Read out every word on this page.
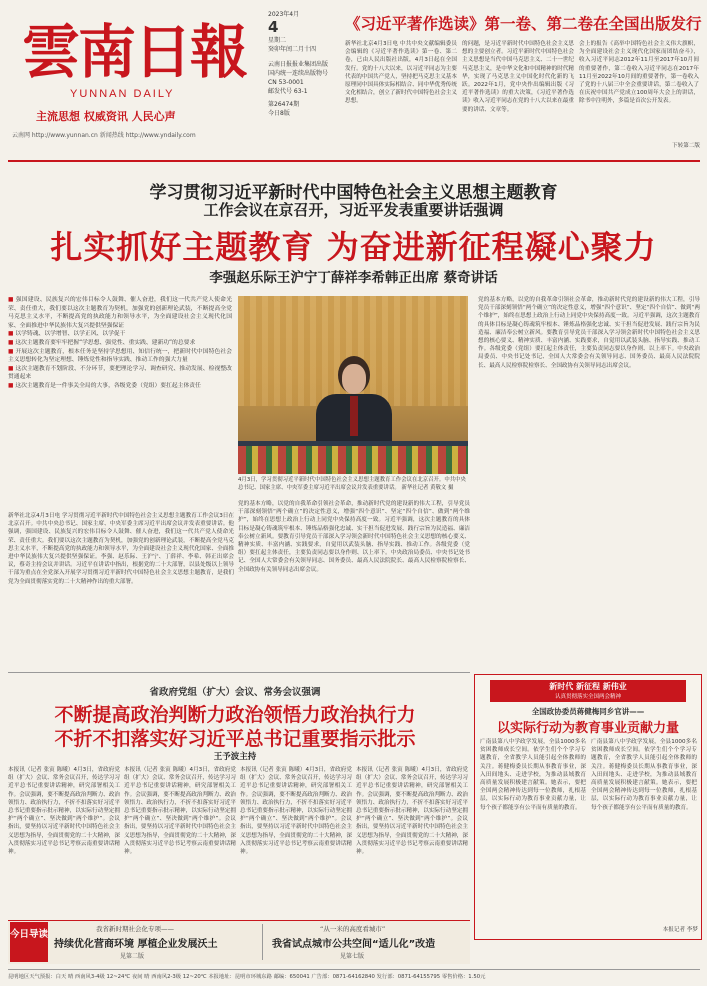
雲南日報
YUNNAN DAILY
主流思想 权威资讯 人民心声
云南网 http://www.yunnan.cn 新闻热线 http://www.yndaily.com
2023年4月
4
星期二
癸卯年闰二月十四
云南日报报业集团出版
国内统一连续出版物号
CN 53-0001
邮发代号 63-1
第26474期
今日8版
《习近平著作选读》第一卷、第二卷在全国出版发行
新华社北京4月3日电 中共中央文献编辑委员会编辑的《习近平著作选读》第一卷、第二卷，已由人民出版社出版，4月3日起在全国发行。党的十八大以来，以习近平同志为主要代表的中国共产党人，坚持把马克思主义基本原理同中国具体实际相结合、同中华优秀传统文化相结合，创立了新时代中国特色社会主义思想。
的问题，是习近平新时代中国特色社会主义思想的主要创立者。习近平新时代中国特色社会主义思想是当代中国马克思主义、二十一世纪马克思主义，是中华文化和中国精神的时代精华，实现了马克思主义中国化时代化新的飞跃。2022年1月，党中央作出编辑出版《习近平著作选读》的重大决策，《习近平著作选读》收入习近平同志在党的十八大以来在最重要的讲话、文章等。
会上的报告《高举中国特色社会主义伟大旗帜，为全面建设社会主义现代化国家而团结奋斗》，收入习近平同志2012年11月至2017年10月间的重要著作，第二卷收入习近平同志在2017年11月至2022年10月间的重要著作，第一卷收入了党的十八届三中全会重要讲话，第二卷收入了在庆祝中国共产党成立100周年大会上的讲话，除书中注明外，多篇是首次公开发表。
下转第二版
学习贯彻习近平新时代中国特色社会主义思想主题教育
工作会议在京召开，习近平发表重要讲话强调
扎实抓好主题教育 为奋进新征程凝心聚力
李强赵乐际王沪宁丁薛祥李希韩正出席 蔡奇讲话

■ 强国建设、民族复兴的宏伟目标令人鼓舞、催人奋进，我们这一代共产党人使命光荣、责任重大，我们要以这次主题教育为契机，加强党的创新理论武装，不断提高全党马克思主义水平，不断提高党的执政能力和领导水平，为全面建设社会主义现代化国家、全面推进中华民族伟大复兴提供坚强保证

■ 以学铸魂、以学增智、以学正风、以学促干

■ 这次主题教育要牢牢把握“学思想、强党性、重实践、建新功”的总要求

■ 开展这次主题教育，根本任务是坚持学思想用、知信行统一，把新时代中国特色社会主义思想转化为坚定理想、锤炼党性和指导实践、推动工作的强大力量

■ 这次主题教育不划阶段、不分环节，要把理论学习、调查研究、推动发展、检视整改贯通起来

■ 这次主题教育是一件事关全局的大事，各级党委（党组）要扛起主体责任

4月3日，学习贯彻习近平新时代中国特色社会主义思想主题教育工作会议在北京召开。中共中央总书记、国家主席、中央军委主席习近平出席会议并发表重要讲话。 新华社记者 黄敬文 摄
党的基本方略，以党的自我革命引领社会革命，推动新时代党的建设新的伟大工程，引导党员干部深刻领悟“两个确立”的决定性意义，增强“四个意识”、坚定“四个自信”、做到“两个维护”，始终在思想上政治上行动上同党中央保持高度一致。习近平强调，这次主题教育的具体目标是凝心铸魂筑牢根本、锤炼品格强化忠诚、实干担当促进发展、践行宗旨为民造福、廉洁奉公树立新风。要教育引导党员干部深入学习领会新时代中国特色社会主义思想的核心要义、精神实质、丰富内涵、实践要求，自觉用以武装头脑、指导实践、推动工作。各级党委（党组）要扛起主体责任，主要负责同志要以身作则、以上率下。中央政治局委员、中央书记处书记、全国人大常委会有关领导同志、国务委员、最高人民法院院长、最高人民检察院检察长、全国政协有关领导同志出席会议。
新华社北京4月3日电 学习贯彻习近平新时代中国特色社会主义思想主题教育工作会议3日在北京召开。中共中央总书记、国家主席、中央军委主席习近平出席会议并发表重要讲话。他强调，强国建设、民族复兴的宏伟目标令人鼓舞、催人奋进，我们这一代共产党人使命光荣、责任重大。我们要以这次主题教育为契机，加强党的创新理论武装，不断提高全党马克思主义水平，不断提高党的执政能力和领导水平，为全面建设社会主义现代化国家、全面推进中华民族伟大复兴提供坚强保证。李强、赵乐际、王沪宁、丁薛祥、李希、韩正出席会议，蔡奇主持会议并讲话。习近平在讲话中指出，根据党的二十大部署，以县处级以上领导干部为重点在全党深入开展学习贯彻习近平新时代中国特色社会主义思想主题教育，是我们党为全面贯彻落实党的二十大精神作出的重大部署。
党的基本方略，以党的自我革命引领社会革命，推动新时代党的建设新的伟大工程，引导党员干部深刻领悟“两个确立”的决定性意义，增强“四个意识”、坚定“四个自信”、做到“两个维护”，始终在思想上政治上行动上同党中央保持高度一致。习近平强调，这次主题教育的具体目标是凝心铸魂筑牢根本、锤炼品格强化忠诚、实干担当促进发展、践行宗旨为民造福、廉洁奉公树立新风。要教育引导党员干部深入学习领会新时代中国特色社会主义思想的核心要义、精神实质、丰富内涵、实践要求，自觉用以武装头脑、指导实践、推动工作。各级党委（党组）要扛起主体责任，主要负责同志要以身作则、以上率下。中央政治局委员、中央书记处书记、全国人大常委会有关领导同志、国务委员、最高人民法院院长、最高人民检察院检察长、全国政协有关领导同志出席会议。
省政府党组（扩大）会议、常务会议强调
不断提高政治判断力政治领悟力政治执行力
不折不扣落实好习近平总书记重要指示批示
王予波主持
本报讯（记者 张寅 陈曦）4月3日，省政府党组（扩大）会议、常务会议召开，传达学习习近平总书记重要讲话精神，研究部署相关工作。会议强调，要不断提高政治判断力、政治领悟力、政治执行力，不折不扣落实好习近平总书记重要指示批示精神，以实际行动坚定拥护“两个确立”、坚决做到“两个维护”。会议指出，要坚持以习近平新时代中国特色社会主义思想为指导，全面贯彻党的二十大精神，深入贯彻落实习近平总书记考察云南重要讲话精神。
本报讯（记者 张寅 陈曦）4月3日，省政府党组（扩大）会议、常务会议召开，传达学习习近平总书记重要讲话精神，研究部署相关工作。会议强调，要不断提高政治判断力、政治领悟力、政治执行力，不折不扣落实好习近平总书记重要指示批示精神，以实际行动坚定拥护“两个确立”、坚决做到“两个维护”。会议指出，要坚持以习近平新时代中国特色社会主义思想为指导，全面贯彻党的二十大精神，深入贯彻落实习近平总书记考察云南重要讲话精神。
本报讯（记者 张寅 陈曦）4月3日，省政府党组（扩大）会议、常务会议召开，传达学习习近平总书记重要讲话精神，研究部署相关工作。会议强调，要不断提高政治判断力、政治领悟力、政治执行力，不折不扣落实好习近平总书记重要指示批示精神，以实际行动坚定拥护“两个确立”、坚决做到“两个维护”。会议指出，要坚持以习近平新时代中国特色社会主义思想为指导，全面贯彻党的二十大精神，深入贯彻落实习近平总书记考察云南重要讲话精神。
本报讯（记者 张寅 陈曦）4月3日，省政府党组（扩大）会议、常务会议召开，传达学习习近平总书记重要讲话精神，研究部署相关工作。会议强调，要不断提高政治判断力、政治领悟力、政治执行力，不折不扣落实好习近平总书记重要指示批示精神，以实际行动坚定拥护“两个确立”、坚决做到“两个维护”。会议指出，要坚持以习近平新时代中国特色社会主义思想为指导，全面贯彻党的二十大精神，深入贯彻落实习近平总书记考察云南重要讲话精神。
新时代 新征程 新伟业
认真贯彻落实全国两会精神
全国政协委员蒋健梅同乡官讲——
以实际行动为教育事业贡献力量
广南县第八中学政学发展，全县1000多名贫困教师成长空间。依学生们个个学习专题教育，全省教学人员能引起全体教师的关注。蒋健梅委员长期从事教育事业，深入田间地头、走进学校，为推动县域教育高质量发展积极建言献策。她表示，要把全国两会精神传达到每一位教师，扎根基层，以实际行动为教育事业贡献力量，让每个孩子都能享有公平而有质量的教育。
广南县第八中学政学发展，全县1000多名贫困教师成长空间。依学生们个个学习专题教育，全省教学人员能引起全体教师的关注。蒋健梅委员长期从事教育事业，深入田间地头、走进学校，为推动县域教育高质量发展积极建言献策。她表示，要把全国两会精神传达到每一位教师，扎根基层，以实际行动为教育事业贡献力量，让每个孩子都能享有公平而有质量的教育。
本报记者 李梦
今日导读	我省新时期社会化专项——
持续优化营商环境 厚植企业发展沃土
见第二版
“从一米的高度看城市”
我省试点城市公共空间“适儿化”改造
见第七版
昆明地区天气预报：白天 晴 西南风3-4级 12~24℃ 夜间 晴 西南风2-3级 12~20℃ 本报地址：昆明市环城东路 邮编：650041 广告部：0871-64162840 发行部：0871-64155795 零售价格：1.50元
